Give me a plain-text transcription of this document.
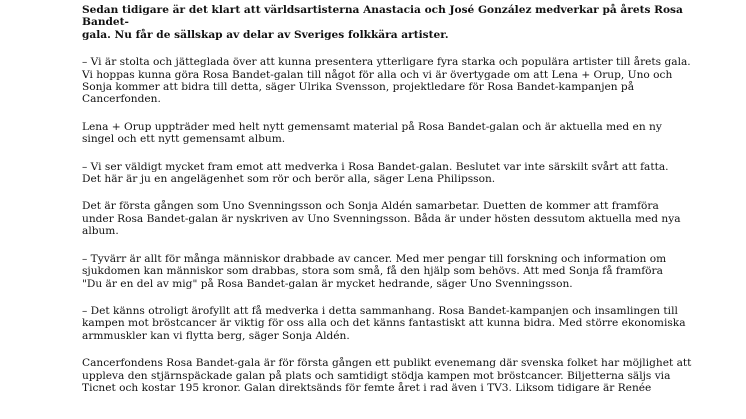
Sedan tidigare är det klart att världsartisterna Anastacia och José González medverkar på årets Rosa Bandet-
gala. Nu får de sällskap av delar av Sveriges folkkära artister.

– Vi är stolta och jätteglada över att kunna presentera ytterligare fyra starka och populära artister till årets gala.
Vi hoppas kunna göra Rosa Bandet-galan till något för alla och vi är övertygade om att Lena + Orup, Uno och
Sonja kommer att bidra till detta, säger Ulrika Svensson, projektledare för Rosa Bandet-kampanjen på
Cancerfonden.

Lena + Orup uppträder med helt nytt gemensamt material på Rosa Bandet-galan och är aktuella med en ny
singel och ett nytt gemensamt album.

– Vi ser väldigt mycket fram emot att medverka i Rosa Bandet-galan. Beslutet var inte särskilt svårt att fatta.
Det här är ju en angelägenhet som rör och berör alla, säger Lena Philipsson.

Det är första gången som Uno Svenningsson och Sonja Aldén samarbetar. Duetten de kommer att framföra
under Rosa Bandet-galan är nyskriven av Uno Svenningsson. Båda är under hösten dessutom aktuella med nya
album.

– Tyvärr är allt för många människor drabbade av cancer. Med mer pengar till forskning och information om
sjukdomen kan människor som drabbas, stora som små, få den hjälp som behövs. Att med Sonja få framföra
"Du är en del av mig" på Rosa Bandet-galan är mycket hedrande, säger Uno Svenningsson.

– Det känns otroligt ärofyllt att få medverka i detta sammanhang. Rosa Bandet-kampanjen och insamlingen till
kampen mot bröstcancer är viktig för oss alla och det känns fantastiskt att kunna bidra. Med större ekonomiska
armmuskler kan vi flytta berg, säger Sonja Aldén.

Cancerfondens Rosa Bandet-gala är för första gången ett publikt evenemang där svenska folket har möjlighet att
uppleva den stjärnspäckade galan på plats och samtidigt stödja kampen mot bröstcancer. Biljetterna säljs via
Ticnet och kostar 195 kronor. Galan direktsänds för femte året i rad även i TV3. Liksom tidigare är Renée
